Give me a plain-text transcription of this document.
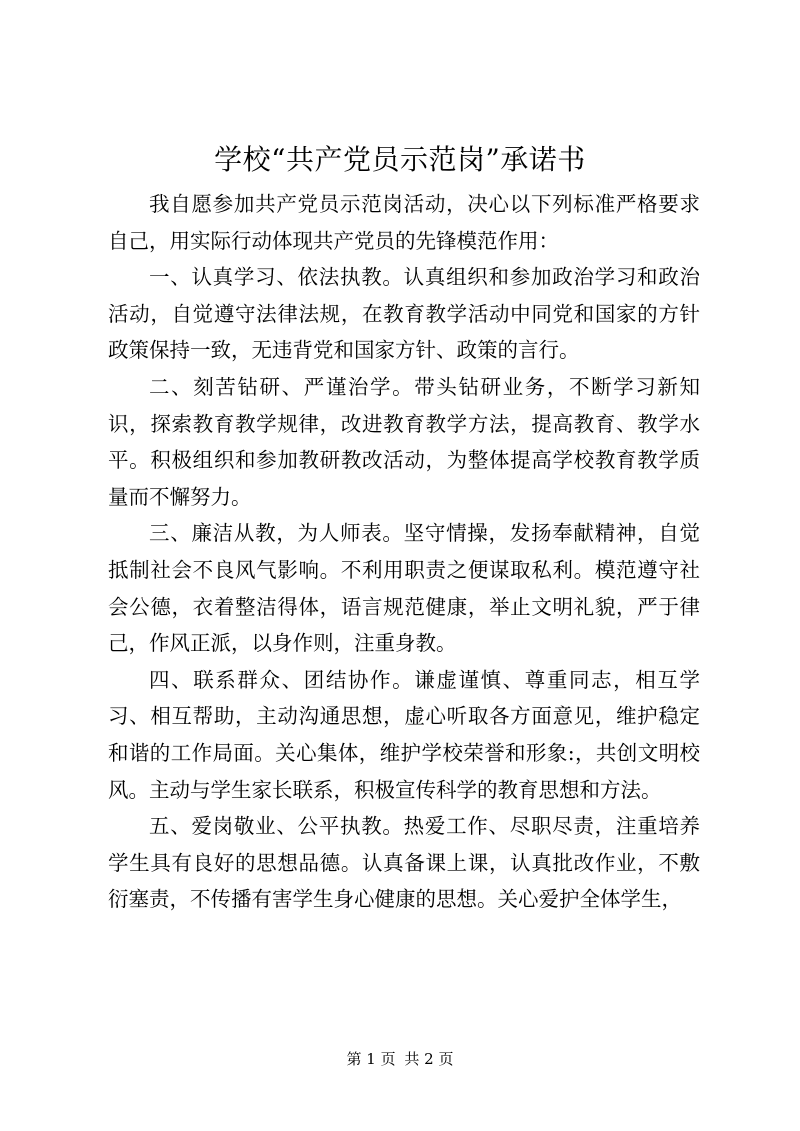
学校“共产党员示范岗”承诺书

我自愿参加共产党员示范岗活动，决心以下列标准严格要求自己，用实际行动体现共产党员的先锋模范作用：

一、认真学习、依法执教。认真组织和参加政治学习和政治活动，自觉遵守法律法规，在教育教学活动中同党和国家的方针政策保持一致，无违背党和国家方针、政策的言行。

二、刻苦钻研、严谨治学。带头钻研业务，不断学习新知识，探索教育教学规律，改进教育教学方法，提高教育、教学水平。积极组织和参加教研教改活动，为整体提高学校教育教学质量而不懈努力。

三、廉洁从教，为人师表。坚守情操，发扬奉献精神，自觉抵制社会不良风气影响。不利用职责之便谋取私利。模范遵守社会公德，衣着整洁得体，语言规范健康，举止文明礼貌，严于律己，作风正派，以身作则，注重身教。

四、联系群众、团结协作。谦虚谨慎、尊重同志，相互学习、相互帮助，主动沟通思想，虚心听取各方面意见，维护稳定和谐的工作局面。关心集体，维护学校荣誉和形象:，共创文明校风。主动与学生家长联系，积极宣传科学的教育思想和方法。

五、爱岗敬业、公平执教。热爱工作、尽职尽责，注重培养学生具有良好的思想品德。认真备课上课，认真批改作业，不敷衍塞责，不传播有害学生身心健康的思想。关心爱护全体学生，

第 1 页 共 2 页
